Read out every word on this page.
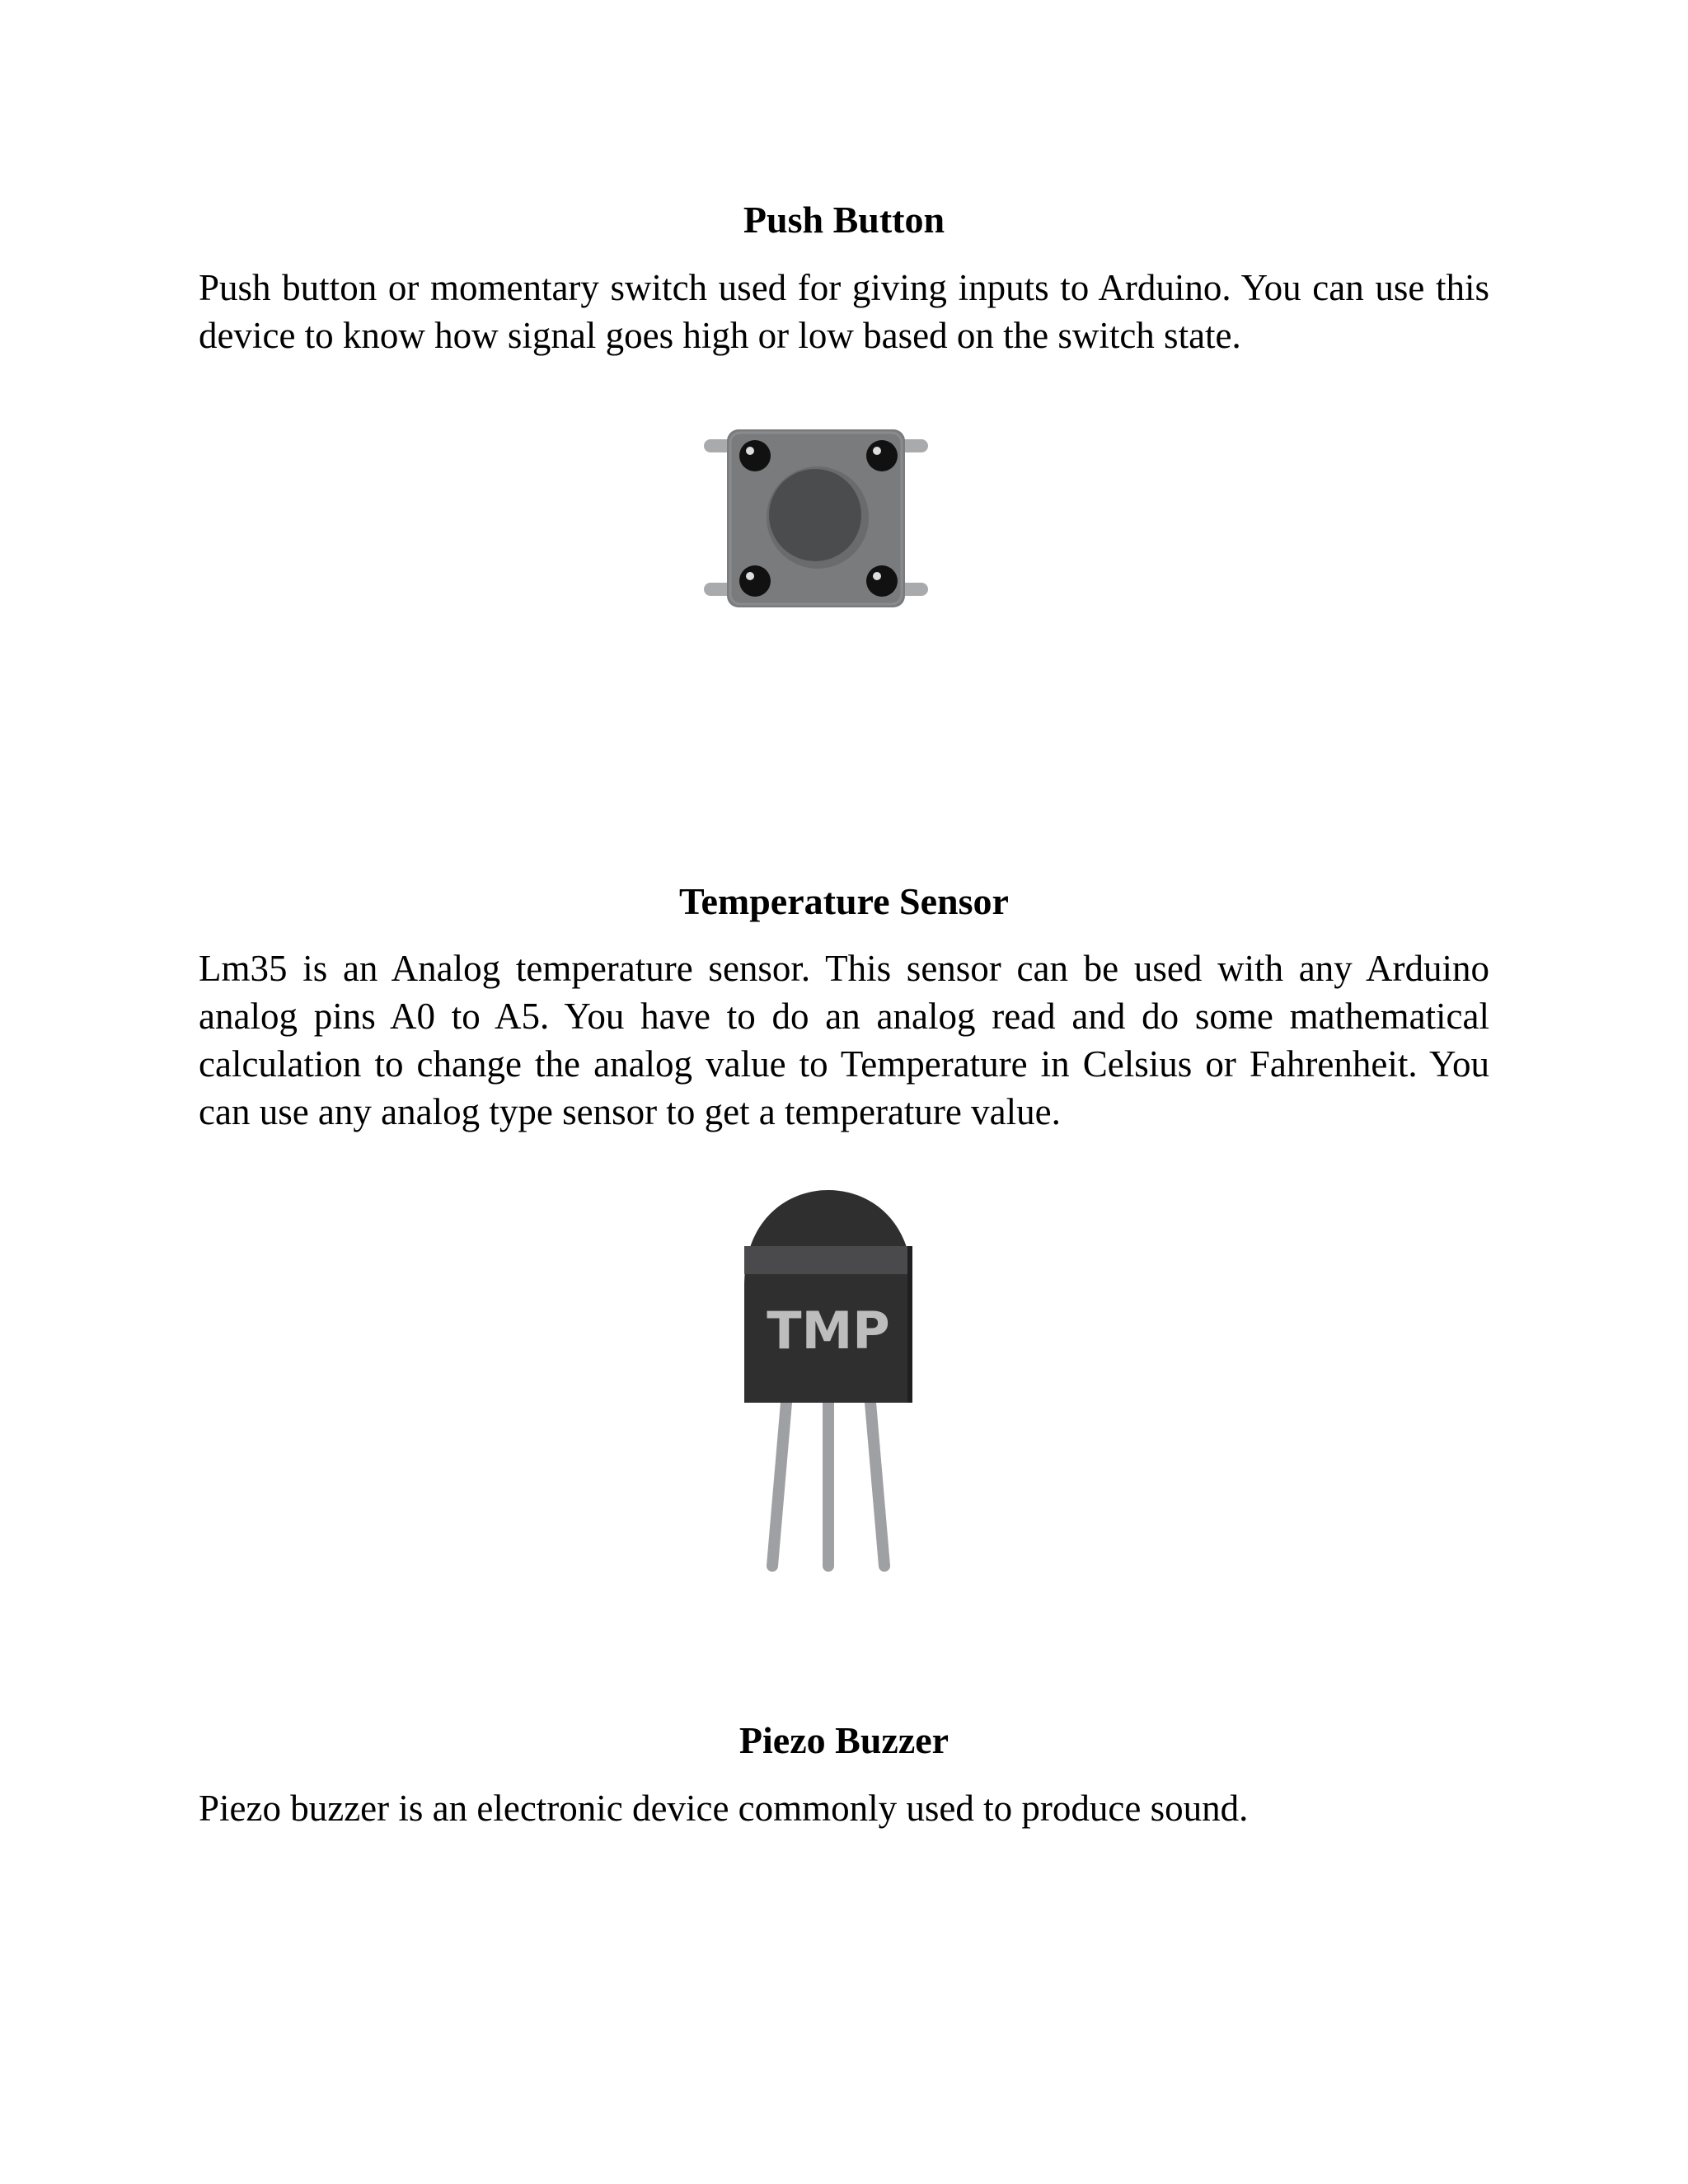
Push Button

Push button or momentary switch used for giving inputs to Arduino. You can use this device to know how signal goes high or low based on the switch state.

Temperature Sensor

Lm35 is an Analog temperature sensor. This sensor can be used with any Arduino analog pins A0 to A5. You have to do an analog read and do some mathematical calculation to change the analog value to Temperature in Celsius or Fahrenheit. You can use any analog type sensor to get a temperature value.

TMP
Piezo Buzzer

Piezo buzzer is an electronic device commonly used to produce sound.
